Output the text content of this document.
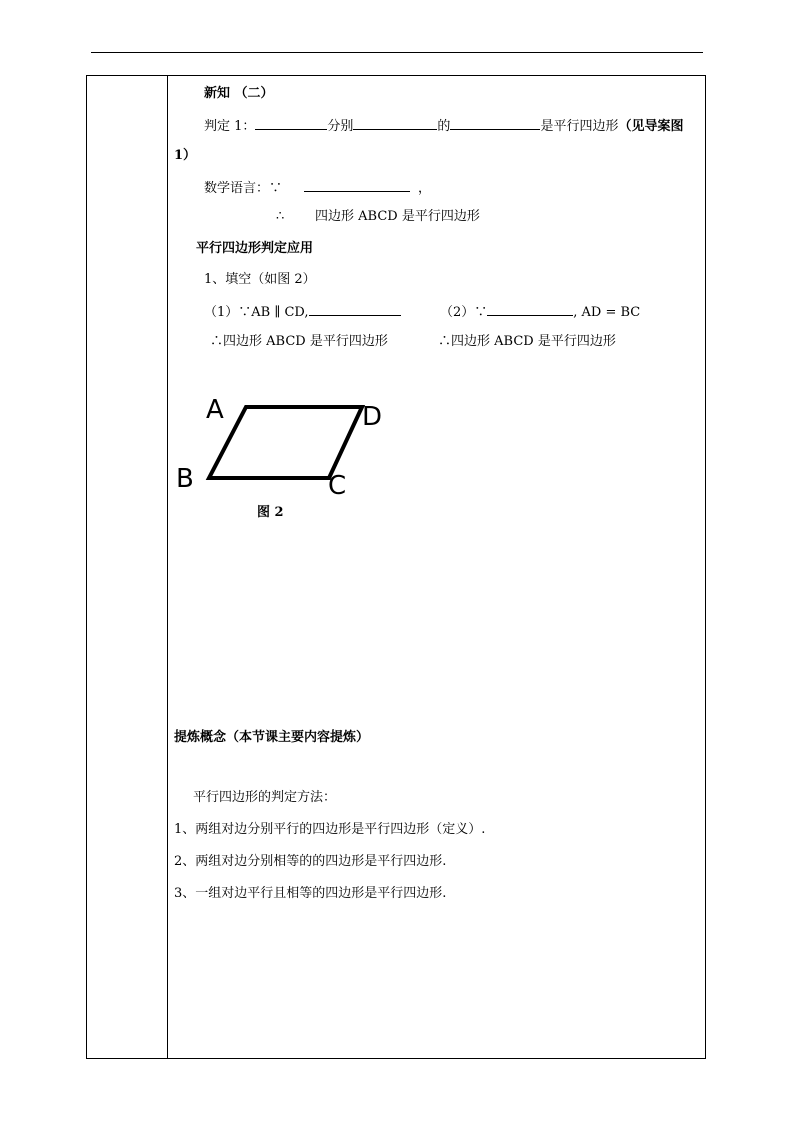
新知 （二）
判定 1：	分别	的	是平行四边形（见导案图
1）
数学语言：∵	，
∴ 四边形 ABCD 是平行四边形
平行四边形判定应用
1、填空（如图 2）
（1）∵AB ∥ CD,	（2）∵	, AD = BC
∴四边形 ABCD 是平行四边形	∴四边形 ABCD 是平行四边形
A	D
B	C
图 2
提炼概念（本节课主要内容提炼）
平行四边形的判定方法：
1、两组对边分别平行的四边形是平行四边形（定义）.
2、两组对边分别相等的的四边形是平行四边形.
3、一组对边平行且相等的四边形是平行四边形.
